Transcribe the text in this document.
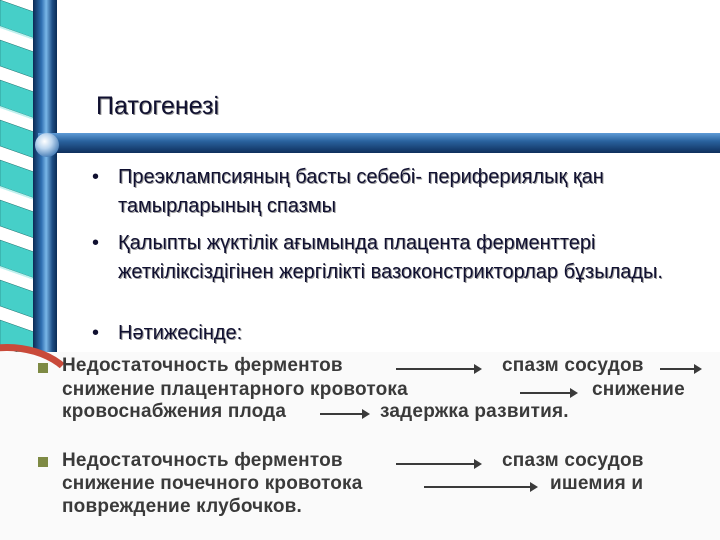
Патогенезі
• Преэклампсияның басты себебі- перифериялық қан тамырларының спазмы
• Қалыпты жүктілік ағымында плацента ферменттері жеткіліксіздігінен жергілікті вазоконстрикторлар бұзылады.
• Нәтижесінде:
Недостаточность ферментов	спазм сосудов
снижение плацентарного кровотока	снижение
кровоснабжения плода	задержка развития.
Недостаточность ферментов	спазм сосудов
снижение почечного кровотока	ишемия и
повреждение клубочков.
